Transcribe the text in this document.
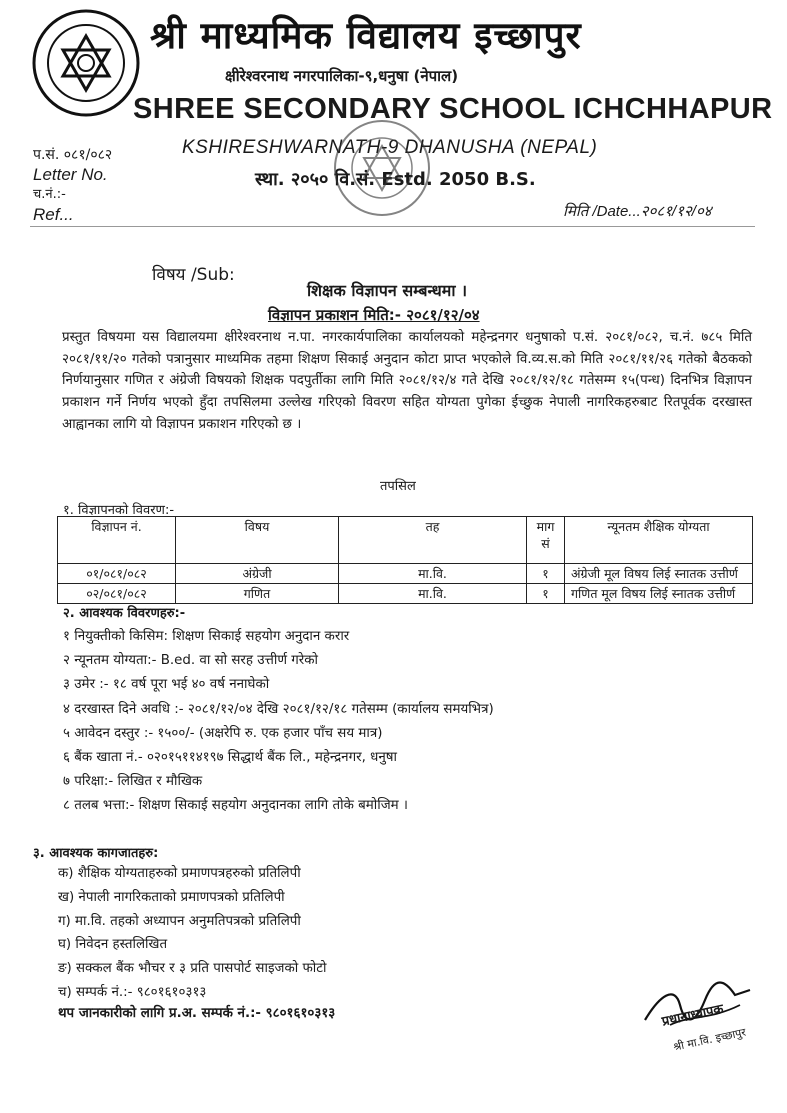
श्री माध्यमिक विद्यालय इच्छापुर
क्षीरेश्वरनाथ नगरपालिका-९,धनुषा (नेपाल)
SHREE SECONDARY SCHOOL ICHCHHAPUR
KSHIRESHWARNATH-9 DHANUSHA (NEPAL)
स्था. २०५० वि.सं. Estd. 2050 B.S.
प.सं. ०८१/०८२
Letter No.
च.नं.:-
Ref...	मिति /Date...२०८१/१२/०४
विषय /Sub:
शिक्षक विज्ञापन सम्बन्धमा ।
विज्ञापन प्रकाशन मिति:- २०८१/१२/०४
प्रस्तुत विषयमा यस विद्यालयमा क्षीरेश्वरनाथ न.पा. नगरकार्यपालिका कार्यालयको महेन्द्रनगर धनुषाको प.सं. २०८१/०८२, च.नं. ७८५ मिति २०८१/११/२० गतेको पत्रानुसार माध्यमिक तहमा शिक्षण सिकाई अनुदान कोटा प्राप्त भएकोले वि.व्य.स.को मिति २०८१/११/२६ गतेको बैठकको निर्णयानुसार गणित र अंग्रेजी विषयको शिक्षक पदपुर्तीका लागि मिति २०८१/१२/४ गते देखि २०८१/१२/१८ गतेसम्म १५(पन्ध) दिनभित्र विज्ञापन प्रकाशन गर्ने निर्णय भएको हुँदा तपसिलमा उल्लेख गरिएको विवरण सहित योग्यता पुगेका ईच्छुक नेपाली नागरिकहरुबाट रितपूर्वक दरखास्त आह्वानका लागि यो विज्ञापन प्रकाशन गरिएको छ ।
तपसिल
१. विज्ञापनको विवरण:-
विज्ञापन नं.	विषय	तह	माग सं	न्यूनतम शैक्षिक योग्यता
०१/०८१/०८२	अंग्रेजी	मा.वि.	१	अंग्रेजी मूल विषय लिई स्नातक उत्तीर्ण
०२/०८१/०८२	गणित	मा.वि.	१	गणित मूल विषय लिई स्नातक उत्तीर्ण
२. आवश्यक विवरणहरु:-
१ नियुक्तीको किसिम: शिक्षण सिकाई सहयोग अनुदान करार
२ न्यूनतम योग्यता:- B.ed. वा सो सरह उत्तीर्ण गरेको
३ उमेर :- १८ वर्ष पूरा भई ४० वर्ष ननाघेको
४ दरखास्त दिने अवधि :- २०८१/१२/०४ देखि २०८१/१२/१८ गतेसम्म (कार्यालय समयभित्र)
५ आवेदन दस्तुर :- १५००/- (अक्षरेपि रु. एक हजार पाँच सय मात्र)
६ बैंक खाता नं.- ०२०१५११४१९७ सिद्धार्थ बैंक लि., महेन्द्रनगर, धनुषा
७ परिक्षा:- लिखित र मौखिक
८ तलब भत्ता:- शिक्षण सिकाई सहयोग अनुदानका लागि तोके बमोजिम ।
३. आवश्यक कागजातहरु:
क) शैक्षिक योग्यताहरुको प्रमाणपत्रहरुको प्रतिलिपी
ख) नेपाली नागरिकताको प्रमाणपत्रको प्रतिलिपी
ग) मा.वि. तहको अध्यापन अनुमतिपत्रको प्रतिलिपी
घ) निवेदन हस्तलिखित
ङ) सक्कल बैंक भौचर र ३ प्रति पासपोर्ट साइजको फोटो
च) सम्पर्क नं.:- ९८०१६१०३१३
थप जानकारीको लागि प्र.अ. सम्पर्क नं.:- ९८०१६१०३१३	प्रधानाध्यापक
श्री मा.वि. इच्छापुर
